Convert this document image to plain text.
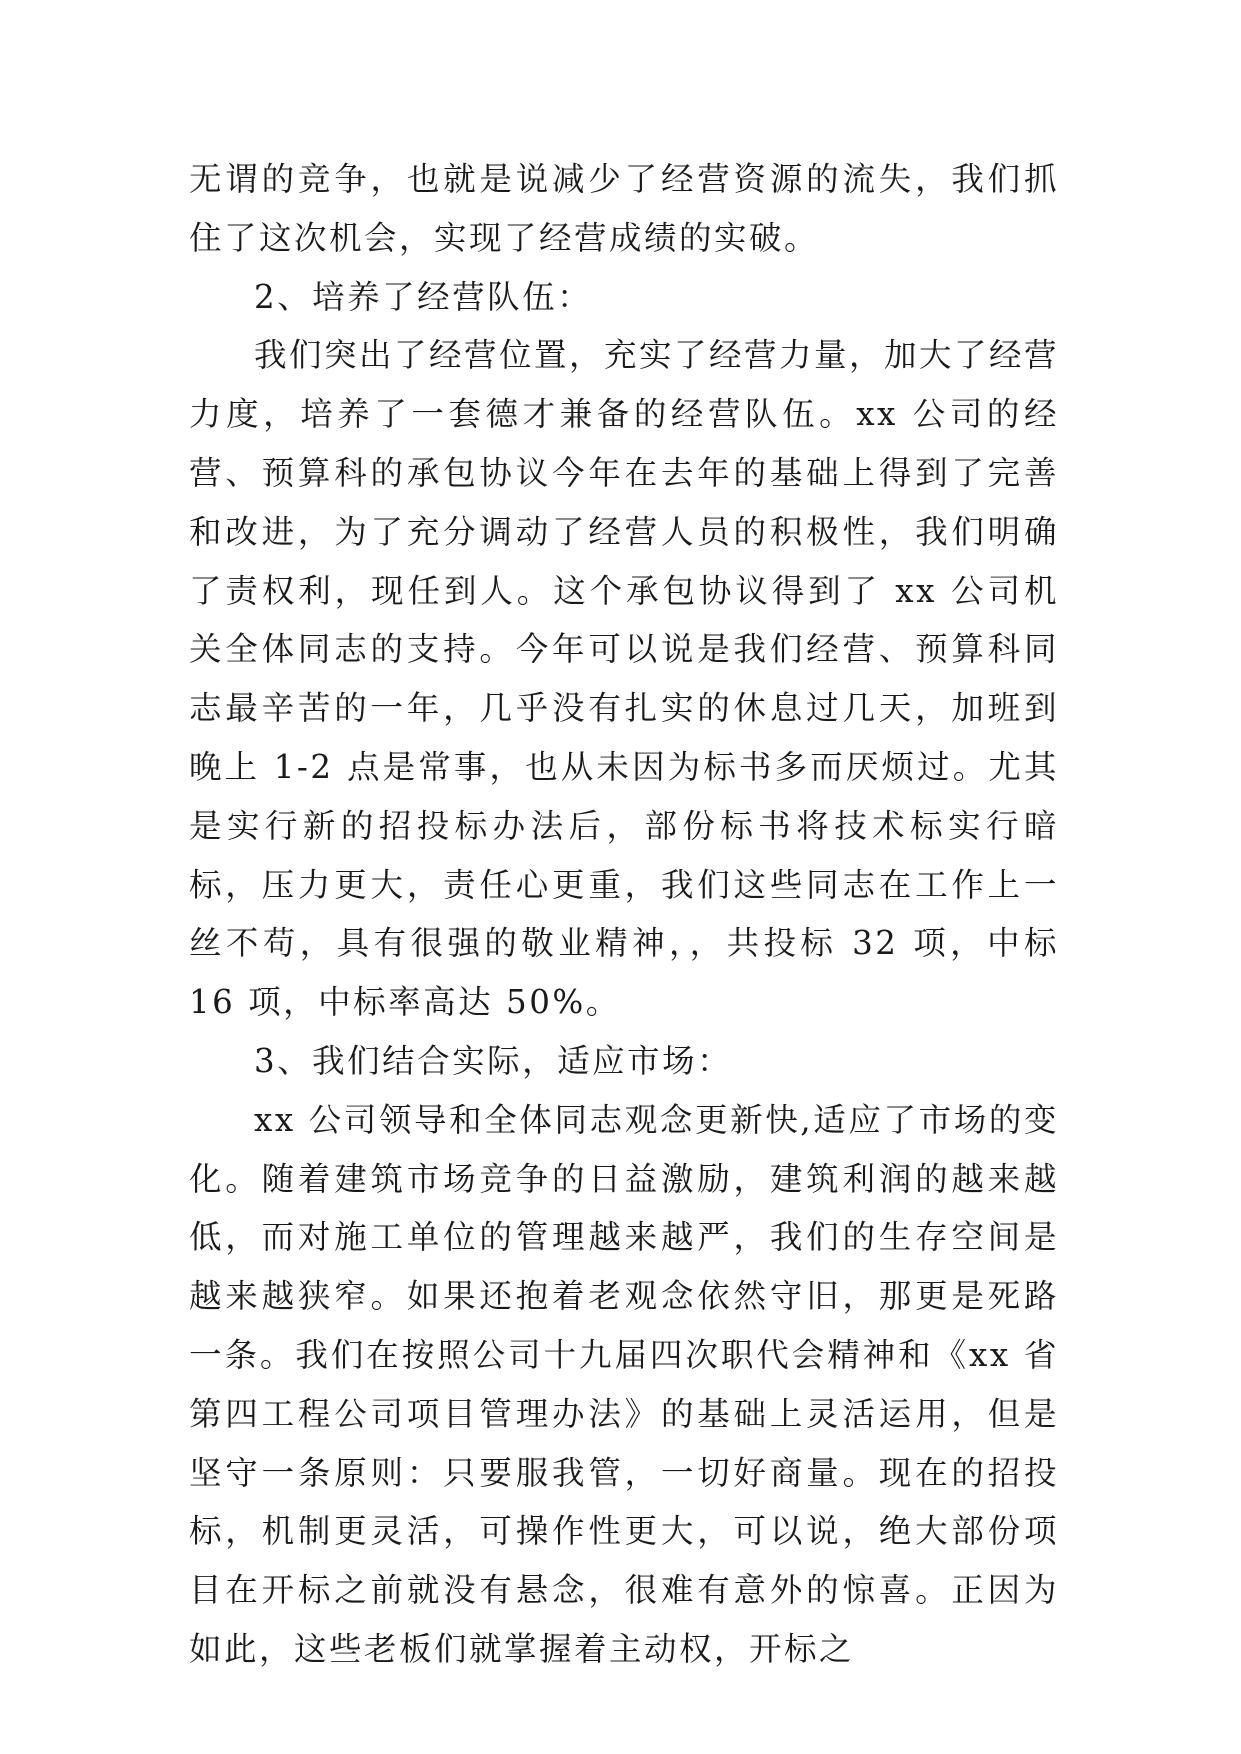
无谓的竞争，也就是说减少了经营资源的流失，我们抓住了这次机会，实现了经营成绩的实破。

2、培养了经营队伍：

我们突出了经营位置，充实了经营力量，加大了经营力度，培养了一套德才兼备的经营队伍。xx 公司的经营、预算科的承包协议今年在去年的基础上得到了完善和改进，为了充分调动了经营人员的积极性，我们明确了责权利，现任到人。这个承包协议得到了 xx 公司机关全体同志的支持。今年可以说是我们经营、预算科同志最辛苦的一年，几乎没有扎实的休息过几天，加班到晚上 1-2 点是常事，也从未因为标书多而厌烦过。尤其是实行新的招投标办法后，部份标书将技术标实行暗标，压力更大，责任心更重，我们这些同志在工作上一丝不苟，具有很强的敬业精神，，共投标 32 项，中标 16 项，中标率高达 50%。

3、我们结合实际，适应市场：

xx 公司领导和全体同志观念更新快,适应了市场的变化。随着建筑市场竞争的日益激励，建筑利润的越来越低，而对施工单位的管理越来越严，我们的生存空间是越来越狭窄。如果还抱着老观念依然守旧，那更是死路一条。我们在按照公司十九届四次职代会精神和《xx 省第四工程公司项目管理办法》的基础上灵活运用，但是坚守一条原则：只要服我管，一切好商量。现在的招投标，机制更灵活，可操作性更大，可以说，绝大部份项目在开标之前就没有悬念，很难有意外的惊喜。正因为如此，这些老板们就掌握着主动权，开标之
